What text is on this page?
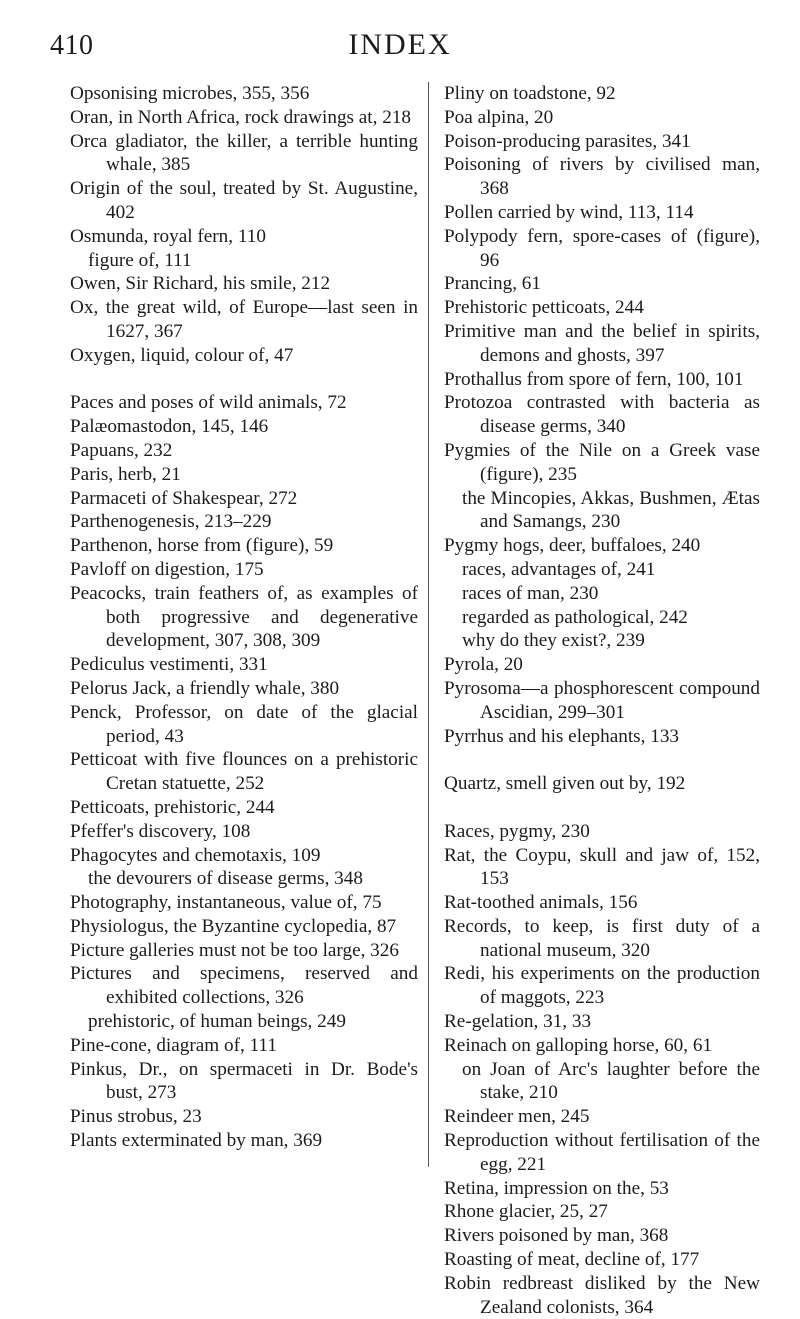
410	INDEX

Opsonising microbes, 355, 356

Oran, in North Africa, rock drawings at, 218

Orca gladiator, the killer, a terrible hunting whale, 385

Origin of the soul, treated by St. Augustine, 402

Osmunda, royal fern, 110

figure of, 111

Owen, Sir Richard, his smile, 212

Ox, the great wild, of Europe—last seen in 1627, 367

Oxygen, liquid, colour of, 47

Paces and poses of wild animals, 72

Palæomastodon, 145, 146

Papuans, 232

Paris, herb, 21

Parmaceti of Shakespear, 272

Parthenogenesis, 213–229

Parthenon, horse from (figure), 59

Pavloff on digestion, 175

Peacocks, train feathers of, as examples of both progressive and degenerative development, 307, 308, 309

Pediculus vestimenti, 331

Pelorus Jack, a friendly whale, 380

Penck, Professor, on date of the glacial period, 43

Petticoat with five flounces on a prehistoric Cretan statuette, 252

Petticoats, prehistoric, 244

Pfeffer's discovery, 108

Phagocytes and chemotaxis, 109

the devourers of disease germs, 348

Photography, instantaneous, value of, 75

Physiologus, the Byzantine cyclopedia, 87

Picture galleries must not be too large, 326

Pictures and specimens, reserved and exhibited collections, 326

prehistoric, of human beings, 249

Pine-cone, diagram of, 111

Pinkus, Dr., on spermaceti in Dr. Bode's bust, 273

Pinus strobus, 23

Plants exterminated by man, 369

Pliny on toadstone, 92

Poa alpina, 20

Poison-producing parasites, 341

Poisoning of rivers by civilised man, 368

Pollen carried by wind, 113, 114

Polypody fern, spore-cases of (figure), 96

Prancing, 61

Prehistoric petticoats, 244

Primitive man and the belief in spirits, demons and ghosts, 397

Prothallus from spore of fern, 100, 101

Protozoa contrasted with bacteria as disease germs, 340

Pygmies of the Nile on a Greek vase (figure), 235

the Mincopies, Akkas, Bushmen, Ætas and Samangs, 230

Pygmy hogs, deer, buffaloes, 240

races, advantages of, 241

races of man, 230

regarded as pathological, 242

why do they exist?, 239

Pyrola, 20

Pyrosoma—a phosphorescent compound Ascidian, 299–301

Pyrrhus and his elephants, 133

Quartz, smell given out by, 192

Races, pygmy, 230

Rat, the Coypu, skull and jaw of, 152, 153

Rat-toothed animals, 156

Records, to keep, is first duty of a national museum, 320

Redi, his experiments on the production of maggots, 223

Re-gelation, 31, 33

Reinach on galloping horse, 60, 61

on Joan of Arc's laughter before the stake, 210

Reindeer men, 245

Reproduction without fertilisation of the egg, 221

Retina, impression on the, 53

Rhone glacier, 25, 27

Rivers poisoned by man, 368

Roasting of meat, decline of, 177

Robin redbreast disliked by the New Zealand colonists, 364
